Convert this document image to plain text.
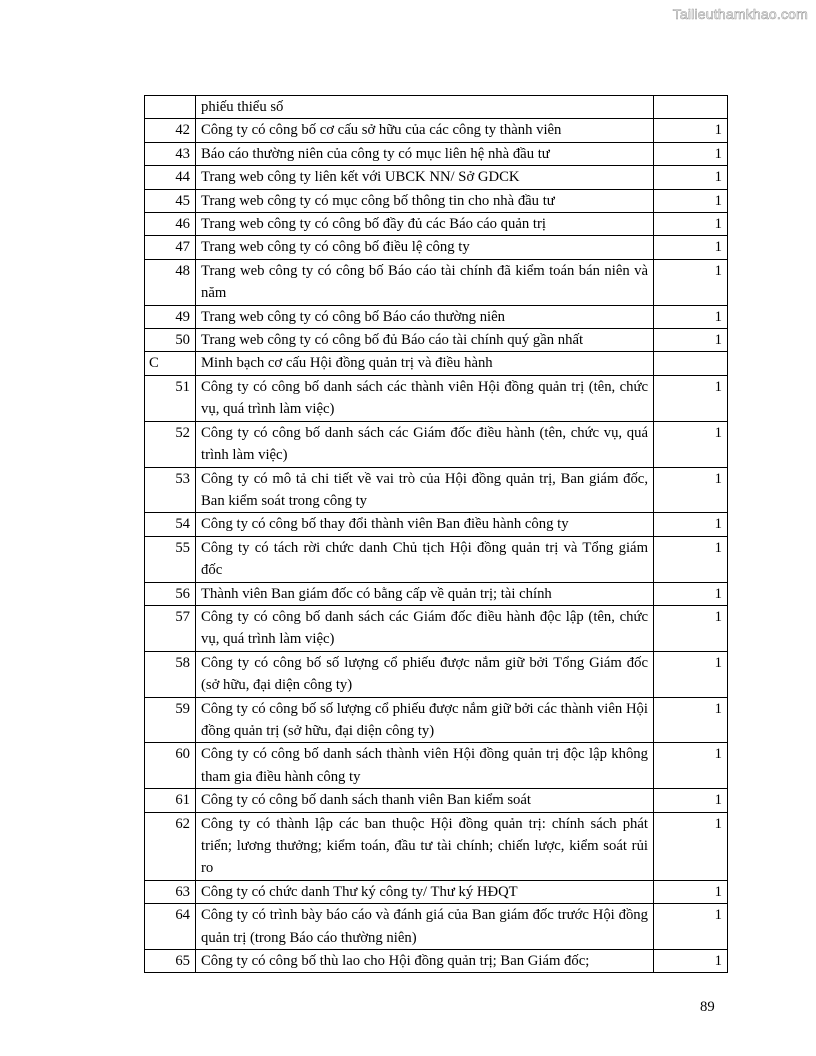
Tailieuthamkhao.com
	phiếu thiểu số	
42	Công ty có công bố cơ cấu sở hữu của các công ty thành viên	1
43	Báo cáo thường niên của công ty có mục liên hệ nhà đầu tư	1
44	Trang web công ty liên kết với UBCK NN/ Sở GDCK	1
45	Trang web công ty có mục công bố thông tin cho nhà đầu tư	1
46	Trang web công ty có công bố đầy đủ các Báo cáo quản trị	1
47	Trang web công ty có công bố điều lệ công ty	1
48	Trang web công ty có công bố Báo cáo tài chính đã kiểm toán bán niên và năm	1
49	Trang web công ty có công bố Báo cáo thường niên	1
50	Trang web công ty có công bố đủ Báo cáo tài chính quý gần nhất	1
C	Minh bạch cơ cấu Hội đồng quản trị và điều hành	
51	Công ty có công bố danh sách các thành viên Hội đồng quản trị (tên, chức vụ, quá trình làm việc)	1
52	Công ty có công bố danh sách các Giám đốc điều hành (tên, chức vụ, quá trình làm việc)	1
53	Công ty có mô tả chi tiết về vai trò của Hội đồng quản trị, Ban giám đốc, Ban kiểm soát trong công ty	1
54	Công ty có công bố thay đổi thành viên Ban điều hành công ty	1
55	Công ty có tách rời chức danh Chủ tịch Hội đồng quản trị và Tổng giám đốc	1
56	Thành viên Ban giám đốc có bằng cấp về quản trị; tài chính	1
57	Công ty có công bố danh sách các Giám đốc điều hành độc lập (tên, chức vụ, quá trình làm việc)	1
58	Công ty có công bố số lượng cổ phiếu được nắm giữ bởi Tổng Giám đốc (sở hữu, đại diện công ty)	1
59	Công ty có công bố số lượng cổ phiếu được nắm giữ bởi các thành viên Hội đồng quản trị (sở hữu, đại diện công ty)	1
60	Công ty có công bố danh sách thành viên Hội đồng quản trị độc lập không tham gia điều hành công ty	1
61	Công ty có công bố danh sách thanh viên Ban kiểm soát	1
62	Công ty có thành lập các ban thuộc Hội đồng quản trị: chính sách phát triển; lương thưởng; kiểm toán, đầu tư tài chính; chiến lược, kiểm soát rủi ro	1
63	Công ty có chức danh Thư ký công ty/ Thư ký HĐQT	1
64	Công ty có trình bày báo cáo và đánh giá của Ban giám đốc trước Hội đồng quản trị (trong Báo cáo thường niên)	1
65	Công ty có công bố thù lao cho Hội đồng quản trị; Ban Giám đốc;	1
89
